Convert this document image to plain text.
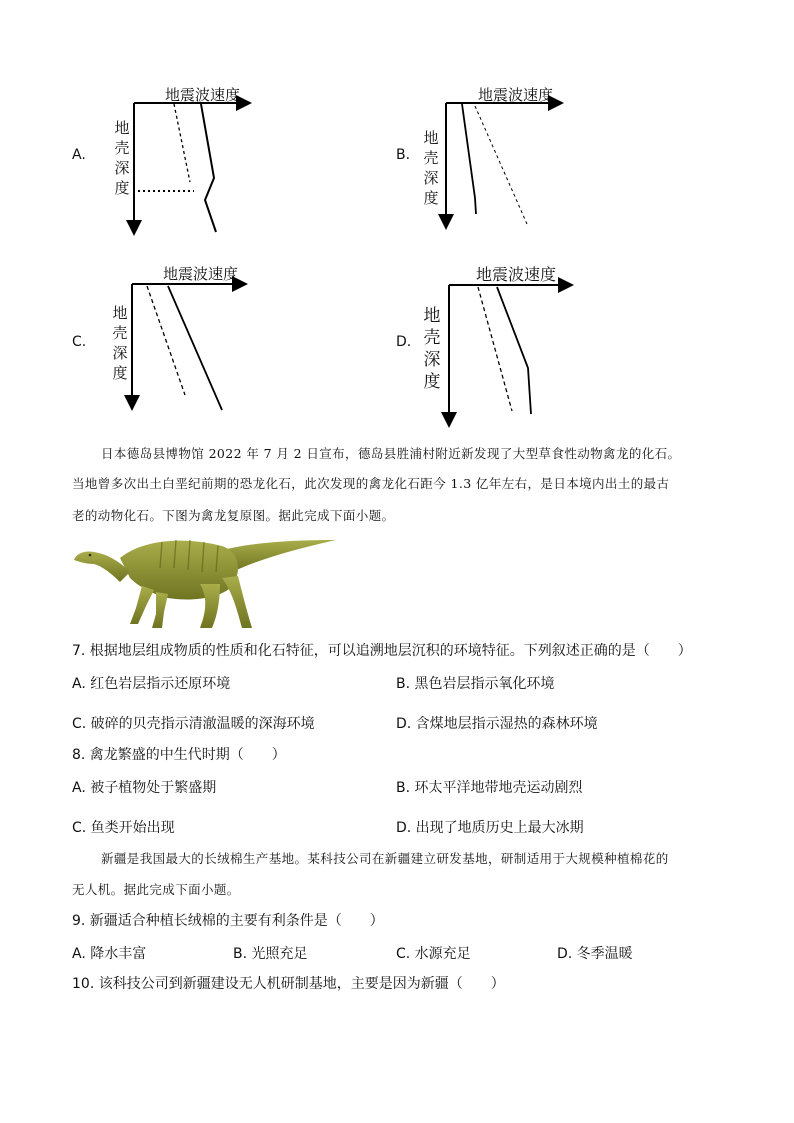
A.
地震波速度
地
壳
深
度
B.
地震波速度
地
壳
深
度
C.
地震波速度
地
壳
深
度
D.
地震波速度
地
壳
深
度
日本德岛县博物馆 2022 年 7 月 2 日宣布，德岛县胜浦村附近新发现了大型草食性动物禽龙的化石。
当地曾多次出土白垩纪前期的恐龙化石，此次发现的禽龙化石距今 1.3 亿年左右，是日本境内出土的最古
老的动物化石。下图为禽龙复原图。据此完成下面小题。
7. 根据地层组成物质的性质和化石特征，可以追溯地层沉积的环境特征。下列叙述正确的是（　　）
A. 红色岩层指示还原环境	B. 黑色岩层指示氧化环境
C. 破碎的贝壳指示清澈温暖的深海环境	D. 含煤地层指示湿热的森林环境
8. 禽龙繁盛的中生代时期（　　）
A. 被子植物处于繁盛期	B. 环太平洋地带地壳运动剧烈
C. 鱼类开始出现	D. 出现了地质历史上最大冰期
新疆是我国最大的长绒棉生产基地。某科技公司在新疆建立研发基地，研制适用于大规模种植棉花的
无人机。据此完成下面小题。
9. 新疆适合种植长绒棉的主要有利条件是（　　）
A. 降水丰富	B. 光照充足	C. 水源充足	D. 冬季温暖
10. 该科技公司到新疆建设无人机研制基地，主要是因为新疆（　　）
